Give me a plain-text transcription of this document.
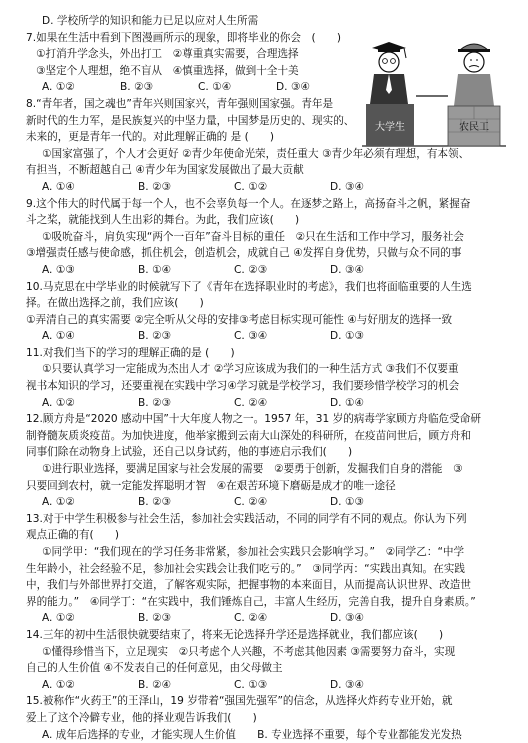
大学生	农民工
D. 学校所学的知识和能力已足以应对人生所需
7.如果在生活中看到下图漫画所示的现象，即将毕业的你会　(　　)
①打消升学念头，外出打工　②尊重真实需要，合理选择
③坚定个人理想，绝不盲从　④慎重选择，做到十全十美
A. ①②	B. ②③	C. ①④	D. ③④
8.“青年者，国之魂也”青年兴则国家兴，青年强则国家强。青年是
新时代的生力军，是民族复兴的中坚力量，中国梦是历史的、现实的、
未来的，更是青年一代的。对此理解正确的 是 (　　)
①国家富强了，个人才会更好 ②青少年使命光荣，责任重大 ③青少年必须有理想，有本领、
有担当，不断超越自己 ④青少年为国家发展做出了最大贡献
A. ①④	B. ②③	C. ①②	D. ③④
9.这个伟大的时代属于每一个人，也不会辜负每一个人。在逐梦之路上，高扬奋斗之帆，紧握奋
斗之桨，就能找到人生出彩的舞台。为此，我们应该(　　)
①吸吮奋斗，肩负实现“两个一百年”奋斗目标的重任　②只在生活和工作中学习，服务社会
③增强责任感与使命感，抓住机会，创造机会，成就自己 ④发挥自身优势，只做与众不同的事
A. ①③	B. ①④	C. ②③	D. ③④
10.马克思在中学毕业的时候就写下了《青年在选择职业时的考虑》，我们也将面临重要的人生选
择。在做出选择之前，我们应该(　　)
①弄清自己的真实需要 ②完全听从父母的安排③考虑目标实现可能性 ④与好朋友的选择一致
A. ①④	B. ②③	C. ③④	D. ①③
11.对我们当下的学习的理解正确的是 (　　)
①只要认真学习一定能成为杰出人才 ②学习应该成为我们的一种生活方式 ③我们不仅要重
视书本知识的学习，还要重视在实践中学习④学习就是学校学习，我们要珍惜学校学习的机会
A. ①②	B. ②③	C. ②④	D. ①④
12.顾方舟是“2020 感动中国”十大年度人物之一。1957 年，31 岁的病毒学家顾方舟临危受命研
制脊髓灰质炎疫苗。为加快进度，他举家搬到云南大山深处的科研所，在疫苗问世后，顾方舟和
同事们除在动物身上试验，还自己以身试药，他的事迹启示我们(　　)
①进行职业选择，要满足国家与社会发展的需要　②要勇于创新，发掘我们自身的潜能　③
只要回到农村，就一定能发挥聪明才智　④在艰苦环境下磨砺是成才的唯一途径
A. ①②	B. ②③	C. ②④	D. ①③
13.对于中学生积极参与社会生活，参加社会实践活动，不同的同学有不同的观点。你认为下列
观点正确的有(　　)
①同学甲：“我们现在的学习任务非常紧，参加社会实践只会影响学习。”　②同学乙：“中学
生年龄小，社会经验不足，参加社会实践会让我们吃亏的。”　③同学丙：“实践出真知。在实践
中，我们与外部世界打交道，了解客观实际，把握事物的本来面目，从而提高认识世界、改造世
界的能力。”　④同学丁：“在实践中，我们锤炼自己，丰富人生经历，完善自我，提升自身素质。”
A. ①②	B. ②③	C. ②④	D. ③④
14.三年的初中生活很快就要结束了，将来无论选择升学还是选择就业，我们都应该(　　)
①懂得珍惜当下，立足现实　②只考虑个人兴趣，不考虑其他因素 ③需要努力奋斗，实现
自己的人生价值 ④不发表自己的任何意见，由父母做主
A. ①②	B. ②④	C. ①③	D. ③④
15.被称作“火药王”的王泽山，19 岁带着“强国先强军”的信念，从选择火炸药专业开始，就
爱上了这个冷僻专业，他的择业观告诉我们(　　)
A. 成年后选择的专业，才能实现人生价值　　B. 专业选择不重要，每个专业都能发光发热
